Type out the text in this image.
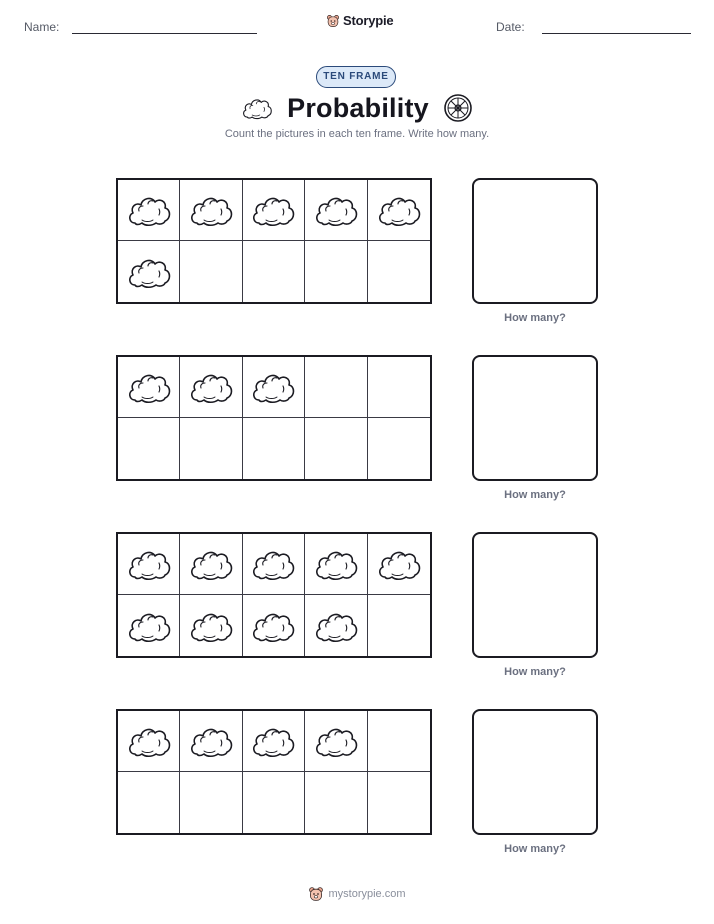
Name:	Storypie	Date:
TEN FRAME
Probability
Count the pictures in each ten frame. Write how many.
How many?
How many?
How many?
How many?
mystorypie.com
